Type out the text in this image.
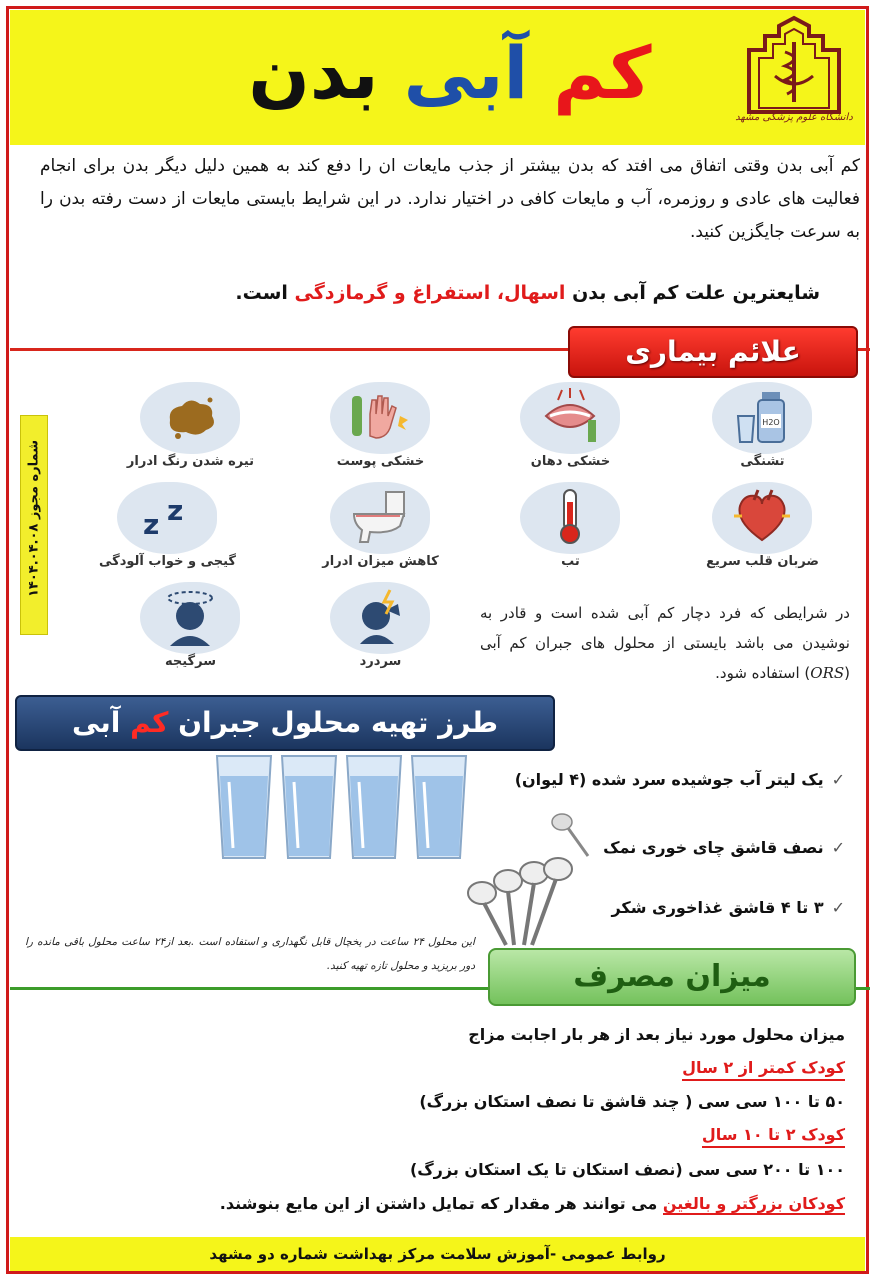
کم آبی بدن
دانشگاه علوم پزشکی مشهد
کم آبی بدن وقتی اتفاق می افتد که بدن بیشتر از جذب مایعات ان را دفع کند به همین دلیل دیگر بدن برای انجام فعالیت های عادی و روزمره، آب و مایعات کافی در اختیار ندارد. در این شرایط بایستی مایعات از دست رفته بدن را به سرعت جایگزین کنید.
شایعترین علت کم آبی بدن اسهال، استفراغ و گرمازدگی است.
علائم بیماری
شماره مجوز ۱۴۰۴.۰۴.۰۸
H2O
تشنگی
خشکی دهان
خشکی پوست
تیره شدن رنگ ادرار
ضربان قلب سریع
تب
کاهش میزان ادرار
z z
گیجی و خواب آلودگی
سردرد
سرگیجه
در شرایطی که فرد دچار کم آبی شده است و قادر به نوشیدن می باشد بایستی از محلول های جبران کم آبی (ORS) استفاده شود.
طرز تهیه محلول جبران کم آبی
✓یک لیتر آب جوشیده سرد شده (۴ لیوان)
✓نصف قاشق چای خوری نمک
✓۳ تا ۴ قاشق غذاخوری شکر
این محلول ۲۴ ساعت در یخچال قابل نگهداری و استفاده است .بعد از۲۴ ساعت محلول باقی مانده را دور بریزید و محلول تازه تهیه کنید.	میزان مصرف
میزان محلول مورد نیاز بعد از هر بار اجابت مزاج
کودک کمتر از ۲ سال
۵۰ تا ۱۰۰ سی سی ( چند قاشق تا نصف استکان بزرگ)
کودک ۲ تا ۱۰ سال
۱۰۰ تا ۲۰۰ سی سی (نصف استکان تا یک استکان بزرگ)
کودکان بزرگتر و بالغین می توانند هر مقدار که تمایل داشتن از این مایع بنوشند.
روابط عمومی -آموزش سلامت مرکز بهداشت شماره دو مشهد
